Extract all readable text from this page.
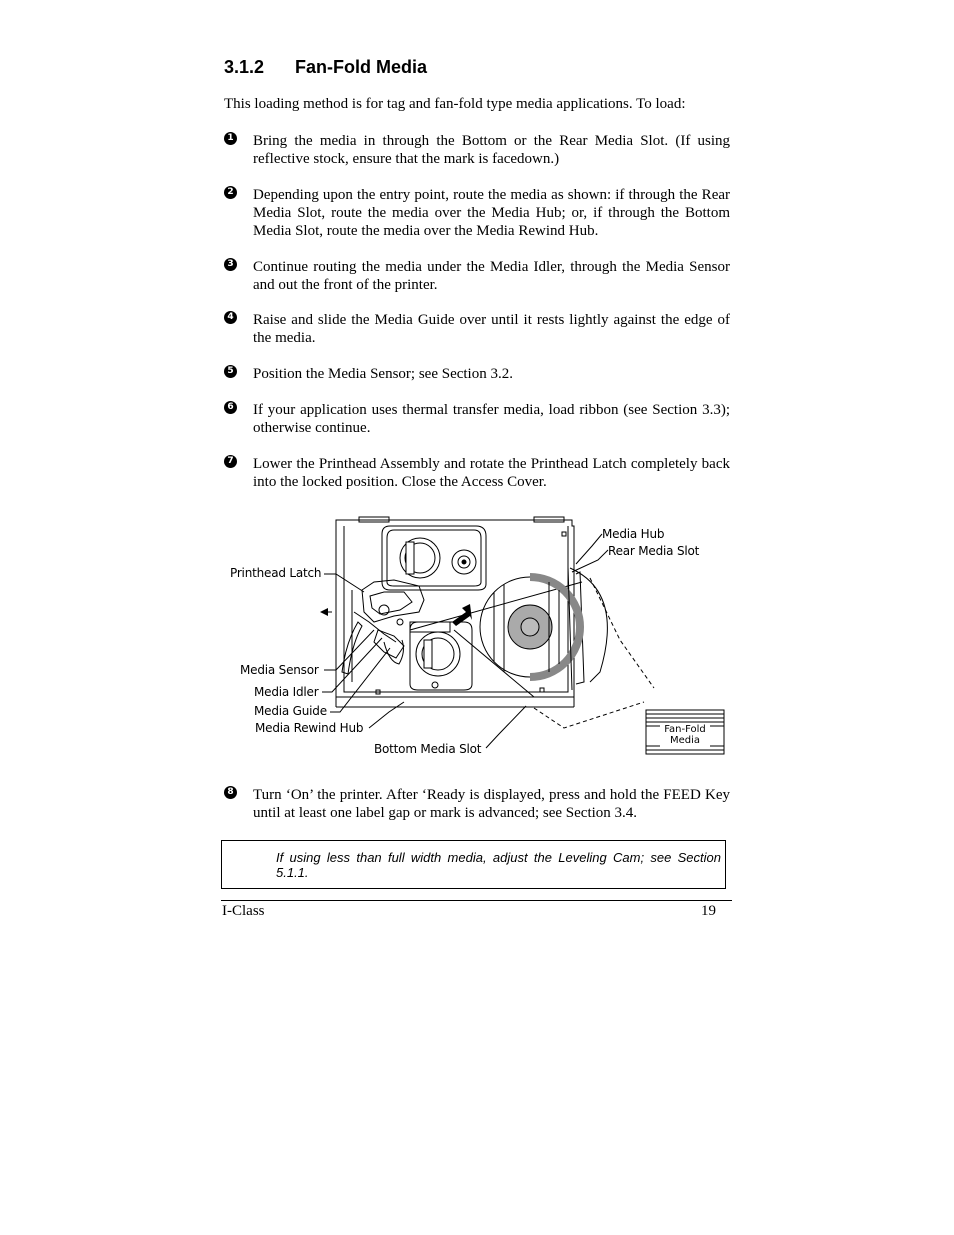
3.1.2 Fan-Fold Media
This loading method is for tag and fan-fold type media applications. To load:
1 Bring the media in through the Bottom or the Rear Media Slot. (If using reflective stock, ensure that the mark is facedown.)
2 Depending upon the entry point, route the media as shown: if through the Rear Media Slot, route the media over the Media Hub; or, if through the Bottom Media Slot, route the media over the Media Rewind Hub.
3 Continue routing the media under the Media Idler, through the Media Sensor and out the front of the printer.
4 Raise and slide the Media Guide over until it rests lightly against the edge of the media.
5 Position the Media Sensor; see Section 3.2.
6 If your application uses thermal transfer media, load ribbon (see Section 3.3); otherwise continue.
7 Lower the Printhead Assembly and rotate the Printhead Latch completely back into the locked position. Close the Access Cover.
Media Hub
Rear Media Slot
Printhead Latch
Media Sensor
Media Idler
Media Guide
Media Rewind Hub
Bottom Media Slot
Fan-Fold
Media
8 Turn ‘On’ the printer. After ‘Ready is displayed, press and hold the FEED Key until at least one label gap or mark is advanced; see Section 3.4.
If using less than full width media, adjust the Leveling Cam; see Section 5.1.1.
I-Class	19
